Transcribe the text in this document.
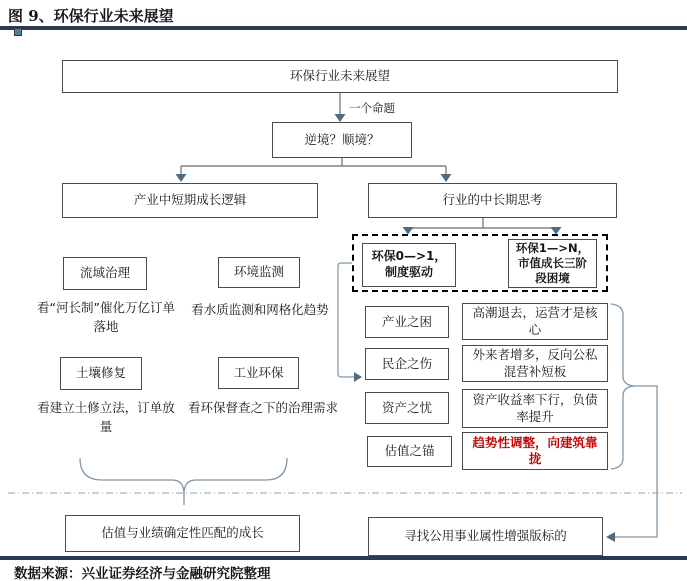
图 9、环保行业未来展望
环保行业未来展望
一个命题
逆境？顺境？
产业中短期成长逻辑	行业的中长期思考
流域治理	环境监测
看“河长制”催化万亿订单落地
看水质监测和网格化趋势
土壤修复	工业环保
看建立土修立法，订单放量
看环保督查之下的治理需求
环保0—>1，制度驱动
环保1—>N，市值成长三阶段困境
产业之困
高潮退去，运营才是核心
民企之伤
外来者增多，反向公私混营补短板
资产之忧
资产收益率下行，负债率提升
估值之锚
趋势性调整，向建筑靠拢
估值与业绩确定性匹配的成长	寻找公用事业属性增强版标的
数据来源：兴业证券经济与金融研究院整理
